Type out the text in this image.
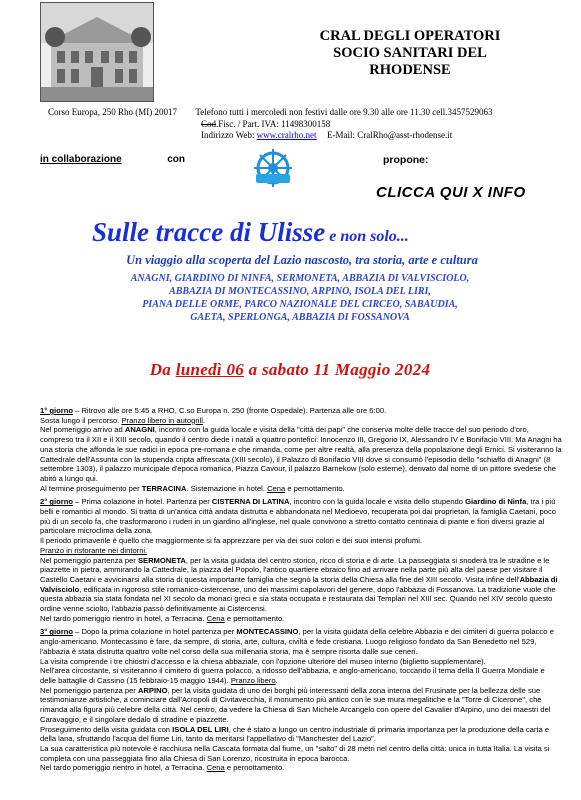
CRAL DEGLI OPERATORI
SOCIO SANITARI DEL
RHODENSE
Corso Europa, 250 Rho (MI) 20017 Telefono tutti i mercoledì non festivi dalle ore 9.30 alle ore 11.30 cell.3457529063
Cod.Fisc. / Part. IVA: 11498300158
Indirizzo Web: www.cralrho.net E-Mail: CralRho@asst-rhodense.it
in collaborazione	con	propone:
CLICCA QUI X INFO
Sulle tracce di Ulisse e non solo...
Un viaggio alla scoperta del Lazio nascosto, tra storia, arte e cultura
ANAGNI, GIARDINO DI NINFA, SERMONETA, ABBAZIA DI VALVISCIOLO,
ABBAZIA DI MONTECASSINO, ARPINO, ISOLA DEL LIRI,
PIANA DELLE ORME, PARCO NAZIONALE DEL CIRCEO, SABAUDIA,
GAETA, SPERLONGA, ABBAZIA DI FOSSANOVA
Da lunedì 06 a sabato 11 Maggio 2024

1° giorno – Ritrovo alle ore 5:45 a RHO, C.so Europa n. 250 (fronte Ospedale). Partenza alle ore 6:00.

Sosta lungo il percorso. Pranzo libero in autogrill.

Nel pomeriggio arrivo ad ANAGNI, incontro con la guida locale e visita della "città dei papi" che conserva molte delle tracce del suo periodo d'oro, compreso tra il XII e il XIII secolo, quando il centro diede i natali a quattro pontefici: Innocenzo III, Gregorio IX, Alessandro IV e Bonifacio VIII. Ma Anagni ha una storia che affonda le sue radici in epoca pre-romana e che rimanda, come per altre realtà, alla presenza della popolazione degli Ernici. Si visiteranno la Cattedrale dell'Assunta con la stupenda cripta affrescata (XIII secolo), il Palazzo di Bonifacio VIII dove si consumò l'episodio dello "schiaffo di Anagni" (8 settembre 1303), il palazzo municipale d'epoca romanica, Piazza Cavour, il palazzo Barnekow (solo esterne), derivato dal nome di un pittore svedese che abitò a lungo qui.

Al termine proseguimento per TERRACINA. Sistemazione in hotel. Cena e pernottamento.

2° giorno – Prima colazione in hotel. Partenza per CISTERNA DI LATINA, incontro con la guida locale e visita dello stupendo Giardino di Ninfa, tra i più belli e romantici al mondo. Si tratta di un'antica città andata distrutta e abbandonata nel Medioevo, recuperata poi dai proprietari, la famiglia Caetani, poco più di un secolo fa, che trasformarono i ruderi in un giardino all'inglese, nel quale convivono a stretto contatto centinaia di piante e fiori diversi grazie al particolare microclima della zona.

Il periodo primaverile è quello che maggiormente si fa apprezzare per via dei suoi colori e dei suoi intensi profumi.

Pranzo in ristorante nei dintorni.

Nel pomeriggio partenza per SERMONETA, per la visita guidata del centro storico, ricco di storia e di arte. La passeggiata si snoderà tra le stradine e le piazzette in pietra, ammirando la Cattedrale, la piazza del Popolo, l'antico quartiere ebraico fino ad arrivare nella parte più alta del paese per visitare il Castello Caetani e avvicinarsi alla storia di questa importante famiglia che segnò la storia della Chiesa alla fine del XIII secolo. Visita infine dell'Abbazia di Valvisciolo, edificata in rigoroso stile romanico-cistercense, uno dei massimi capolavori del genere, dopo l'abbazia di Fossanova. La tradizione vuole che questa abbazia sia stata fondata nel XI secolo da monaci greci e sia stata occupata e restaurata dai Templari nel XIII sec. Quando nel XIV secolo questo ordine venne sciolto, l'abbazia passò definitivamente ai Cistercensi.

Nel tardo pomeriggio rientro in hotel, a Terracina. Cena e pernottamento.

3° giorno – Dopo la prima colazione in hotel partenza per MONTECASSINO, per la visita guidata della celebre Abbazia e dei cimiteri di guerra polacco e anglo-americano. Montecassino è fare, da sempre, di storia, arte, cultura, civiltà e fede cristiana. Luogo religioso fondato da San Benedetto nel 529, l'abbazia è stata distrutta quattro volte nel corso della sua millenaria storia, ma è sempre risorta dalle sue ceneri.

La visita comprende i tre chiostri d'accesso e la chiesa abbaziale, con l'opzione ulteriore del museo interno (biglietto supplementare).

Nell'area circostante, si visiteranno il cimitero di guerra polacco, a ridosso dell'abbazia, e anglo-americano, toccando il tema della II Guerra Mondiale e delle battaglie di Cassino (15 febbraio-15 maggio 1944). Pranzo libero.

Nel pomeriggio partenza per ARPINO, per la visita guidata di uno dei borghi più interessanti della zona interna del Frusinate per la bellezza delle sue testimonianze artistiche, a cominciare dall'Acropoli di Civitavecchia, il monumento più antico con le sue mura megalitiche e la "Torre di Cicerone", che rimanda alla figura più celebre della città. Nel centro, da vedere la Chiesa di San Michele Arcangelo con opere del Cavalier d'Arpino, uno dei maestri del Caravaggio, e il singolare dedalo di stradine e piazzette.

Proseguimento della visita guidata con ISOLA DEL LIRI, che è stato a lungo un centro industriale di primaria importanza per la produzione della carta e della lana, sfruttando l'acqua del fiume Liri, tanto da meritarsi l'appellativo di "Manchester del Lazio".

La sua caratteristica più notevole è racchiusa nella Cascata formata dal fiume, un "salto" di 28 metri nel centro della città: unica in tutta Italia. La visita si completa con una passeggiata fino alla Chiesa di San Lorenzo, ricostruita in epoca barocca.

Nel tardo pomeriggio rientro in hotel, a Terracina. Cena e pernottamento.
